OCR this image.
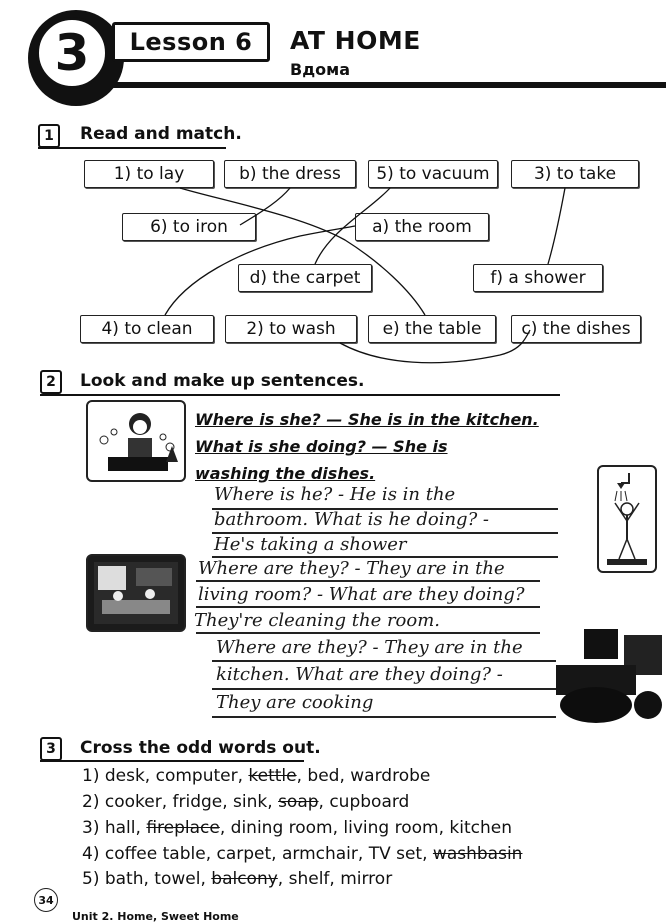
3	Lesson 6	AT HOME
Вдома
1	Read and match.
1) to lay	b) the dress	5) to vacuum	3) to take
6) to iron	a) the room
d) the carpet	f) a shower
4) to clean	2) to wash	e) the table	c) the dishes
2	Look and make up sentences.
Where is she? — She is in the kitchen.
What is she doing? — She is
washing the dishes.
Where is he? - He is in the
bathroom. What is he doing? -
He's taking a shower
Where are they? - They are in the
living room? - What are they doing?
They're cleaning the room.
Where are they? - They are in the
kitchen. What are they doing? -
They are cooking
3	Cross the odd words out.
1) desk, computer, kettle, bed, wardrobe
2) cooker, fridge, sink, soap, cupboard
3) hall, fireplace, dining room, living room, kitchen
4) coffee table, carpet, armchair, TV set, washbasin
5) bath, towel, balcony, shelf, mirror
34
Unit 2. Home, Sweet Home
